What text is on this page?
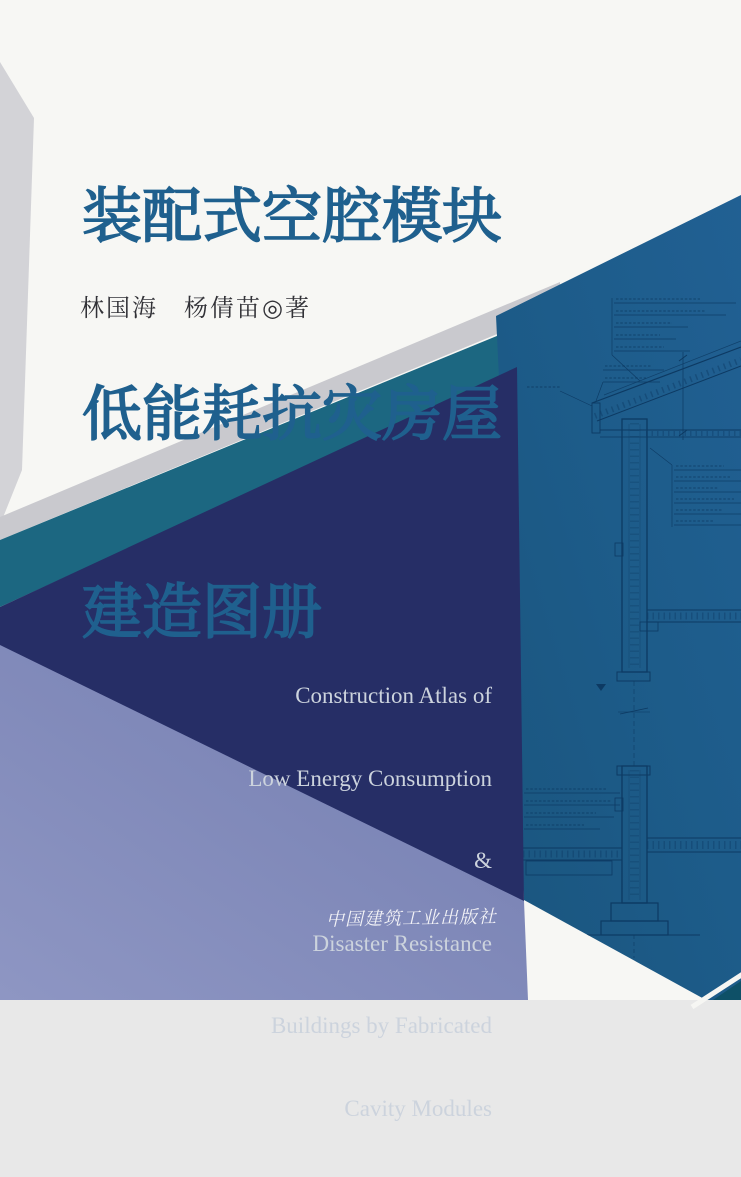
装配式空腔模块

低能耗抗灾房屋

建造图册

林国海　杨倩苗◎著

Construction Atlas of

Low Energy Consumption

&

Disaster Resistance

Buildings by Fabricated

Cavity Modules

中国建筑工业出版社
